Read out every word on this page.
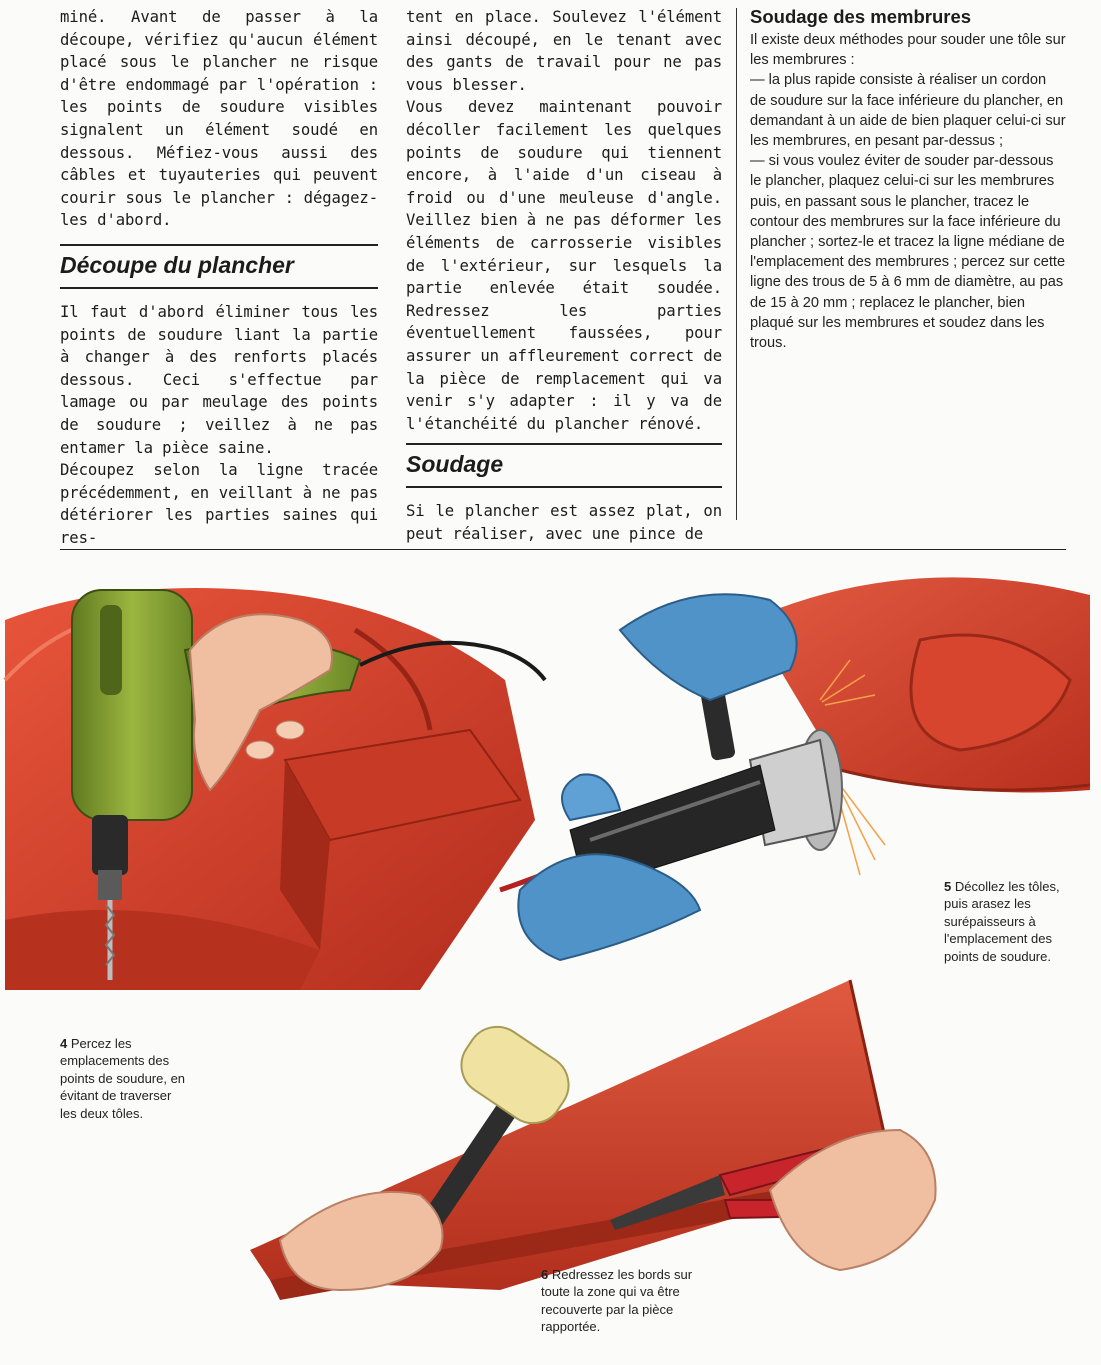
miné. Avant de passer à la découpe, vérifiez qu'aucun élément placé sous le plancher ne risque d'être endommagé par l'opération : les points de soudure visibles signalent un élément soudé en dessous. Méfiez-vous aussi des câbles et tuyauteries qui peuvent courir sous le plancher : dégagez-les d'abord.

Découpe du plancher

Il faut d'abord éliminer tous les points de soudure liant la partie à changer à des renforts placés dessous. Ceci s'effectue par lamage ou par meulage des points de soudure ; veillez à ne pas entamer la pièce saine.

Découpez selon la ligne tracée précédemment, en veillant à ne pas détériorer les parties saines qui res-

tent en place. Soulevez l'élément ainsi découpé, en le tenant avec des gants de travail pour ne pas vous blesser.

Vous devez maintenant pouvoir décoller facilement les quelques points de soudure qui tiennent encore, à l'aide d'un ciseau à froid ou d'une meuleuse d'angle. Veillez bien à ne pas déformer les éléments de carrosserie visibles de l'extérieur, sur lesquels la partie enlevée était soudée. Redressez les parties éventuellement faussées, pour assurer un affleurement correct de la pièce de remplacement qui va venir s'y adapter : il y va de l'étanchéité du plancher rénové.

Soudage

Si le plancher est assez plat, on peut réaliser, avec une pince de

Soudage des membrures

Il existe deux méthodes pour souder une tôle sur les membrures :

— la plus rapide consiste à réaliser un cordon de soudure sur la face inférieure du plancher, en demandant à un aide de bien plaquer celui-ci sur les membrures, en pesant par-dessus ;

— si vous voulez éviter de souder par-dessous le plancher, plaquez celui-ci sur les membrures puis, en passant sous le plancher, tracez le contour des membrures sur la face inférieure du plancher ; sortez-le et tracez la ligne médiane de l'emplacement des membrures ; percez sur cette ligne des trous de 5 à 6 mm de diamètre, au pas de 15 à 20 mm ; replacez le plancher, bien plaqué sur les membrures et soudez dans les trous.

4 Percez les emplacements des points de soudure, en évitant de traverser les deux tôles.
5 Décollez les tôles, puis arasez les surépaisseurs à l'emplacement des points de soudure.
6 Redressez les bords sur toute la zone qui va être recouverte par la pièce rapportée.
